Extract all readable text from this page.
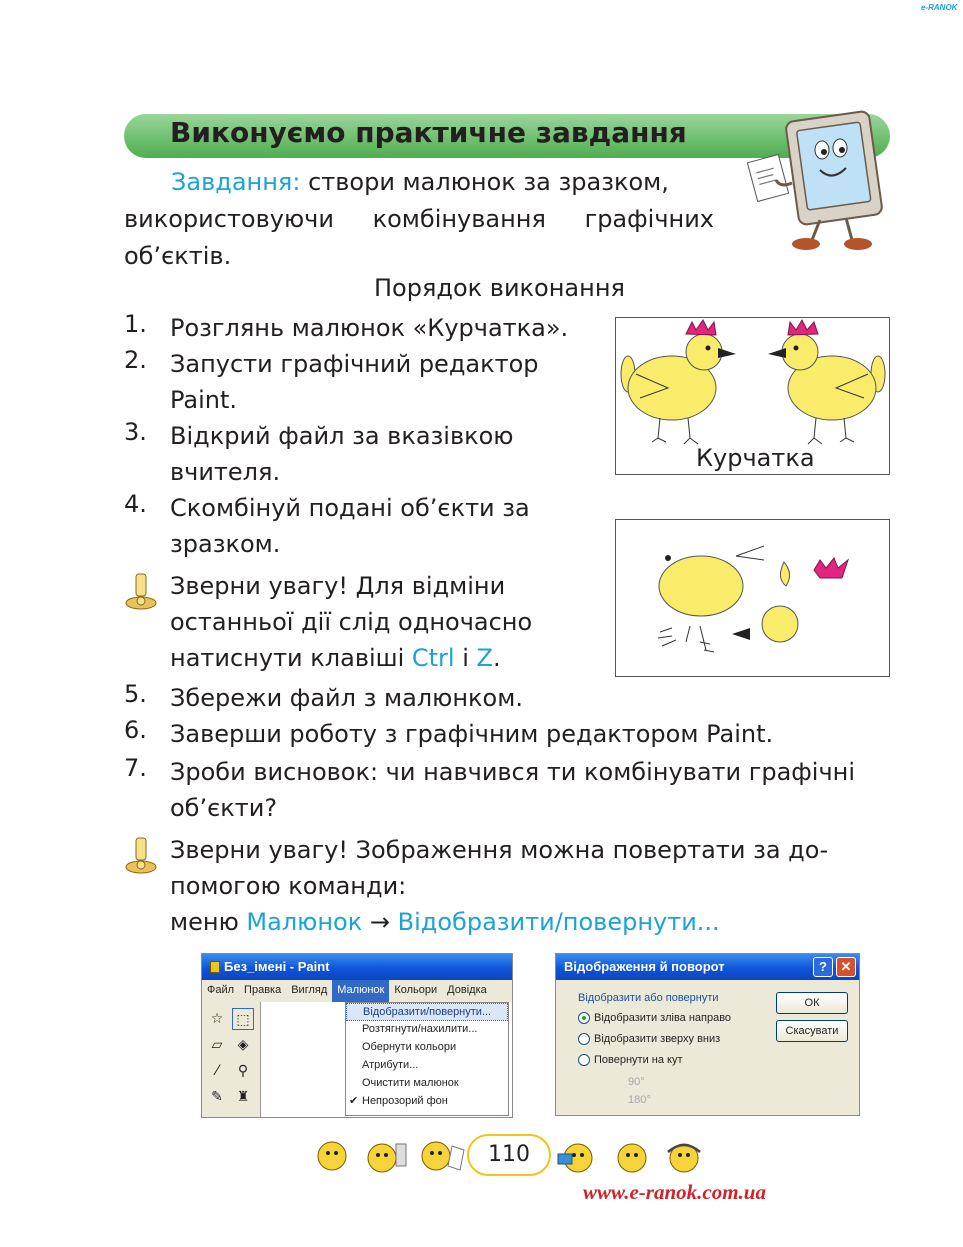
e-RANOK
Виконуємо практичне завдання
Завдання: створи малюнок за зразком,
використовуючи комбінування графічних об’єктів.
Порядок виконання
1. Розглянь малюнок «Курчатка».
2. Запусти графічний редактор
Paint.
3. Відкрий файл за вказівкою
вчителя.
4. Скомбінуй подані об’єкти за
зразком.
Зверни увагу! Для відміни
останньої дії слід одночасно
натиснути клавіші Ctrl і Z.
5. Збережи файл з малюнком.
6. Заверши роботу з графічним редактором Paint.
7. Зроби висновок: чи навчився ти комбінувати графічні
об’єкти?
Зверни увагу! Зображення можна повертати за до-
помогою команди:
меню Малюнок → Відобразити/повернути...
Курчатка
Без_імені - Paint
Файл Правка Вигляд Малюнок Кольори Довідка
☆ ⬚
▱	◈
⁄	⚲
✎ ♜
Відобразити/повернути...
Розтягнути/нахилити...
Обернути кольори
Атрибути...
Очистити малюнок
✔ Непрозорий фон
Відображення й поворот	?	✕
Відобразити або повернути
Відобразити зліва направо
Відобразити зверху вниз
Повернути на кут
90°
180°
ОК
Скасувати
110
www.e-ranok.com.ua
